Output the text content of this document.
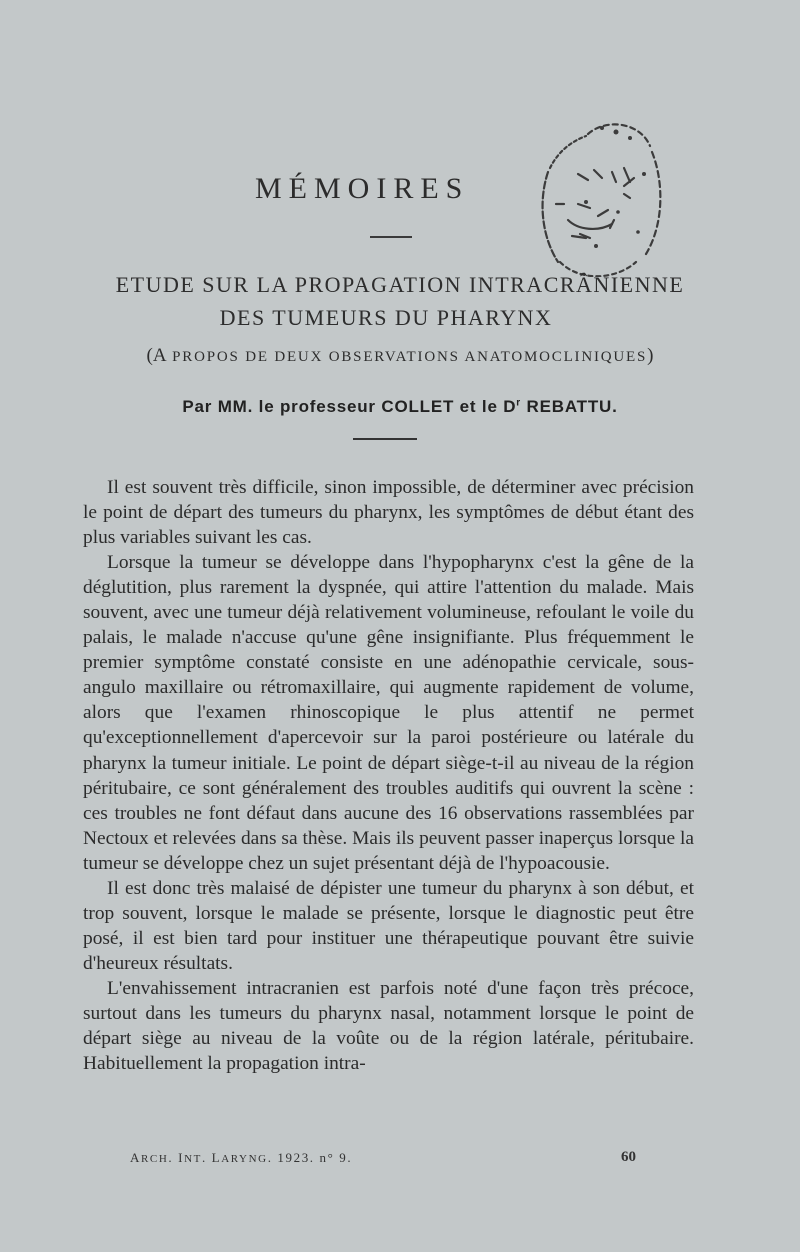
MÉMOIRES
ETUDE SUR LA PROPAGATION INTRACRÂNIENNE
DES TUMEURS DU PHARYNX
(A PROPOS DE DEUX OBSERVATIONS ANATOMOCLINIQUES)
Par MM. le professeur COLLET et le $D^r$ REBATTU.

Il est souvent très difficile, sinon impossible, de déterminer avec précision le point de départ des tumeurs du pharynx, les symptômes de début étant des plus variables suivant les cas.

Lorsque la tumeur se développe dans l'hypopharynx c'est la gêne de la déglutition, plus rarement la dyspnée, qui attire l'attention du malade. Mais souvent, avec une tumeur déjà relativement volumineuse, refoulant le voile du palais, le malade n'accuse qu'une gêne insignifiante. Plus fréquemment le premier symptôme constaté consiste en une adénopathie cervicale, sous-angulo maxillaire ou rétromaxillaire, qui augmente rapidement de volume, alors que l'examen rhinoscopique le plus attentif ne permet qu'exceptionnellement d'apercevoir sur la paroi postérieure ou latérale du pharynx la tumeur initiale. Le point de départ siège-t-il au niveau de la région péritubaire, ce sont généralement des troubles auditifs qui ouvrent la scène : ces troubles ne font défaut dans aucune des 16 observations rassemblées par Nectoux et relevées dans sa thèse. Mais ils peuvent passer inaperçus lorsque la tumeur se développe chez un sujet présentant déjà de l'hypoacousie.

Il est donc très malaisé de dépister une tumeur du pharynx à son début, et trop souvent, lorsque le malade se présente, lorsque le diagnostic peut être posé, il est bien tard pour instituer une thérapeutique pouvant être suivie d'heureux résultats.

L'envahissement intracranien est parfois noté d'une façon très précoce, surtout dans les tumeurs du pharynx nasal, notamment lorsque le point de départ siège au niveau de la voûte ou de la région latérale, péritubaire. Habituellement la propagation intra-

ARCH. INT. LARYNG. 1923. n° 9.	60
